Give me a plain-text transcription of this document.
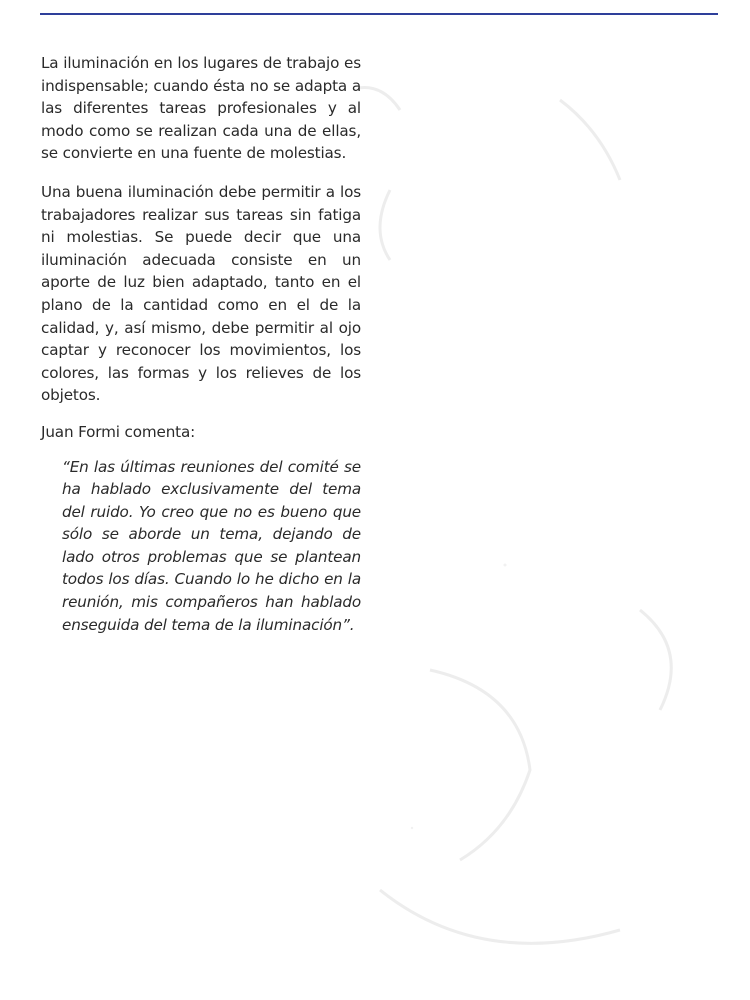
La iluminación en los lugares de trabajo es indispensable; cuando ésta no se adapta a las diferentes tareas profesionales y al modo como se realizan cada una de ellas, se convierte en una fuente de molestias.

Una buena iluminación debe permitir a los trabajadores realizar sus tareas sin fatiga ni molestias. Se puede decir que una iluminación adecuada consiste en un aporte de luz bien adaptado, tanto en el plano de la cantidad como en el de la calidad, y, así mismo, debe permitir al ojo captar y reconocer los movimientos, los colores, las formas y los relieves de los objetos.

Juan Formi comenta:

“En las últimas reuniones del comité se ha hablado exclusivamente del tema del ruido. Yo creo que no es bueno que sólo se aborde un tema, dejando de lado otros problemas que se plantean todos los días. Cuando lo he dicho en la reunión, mis compañeros han hablado enseguida del tema de la iluminación”.
